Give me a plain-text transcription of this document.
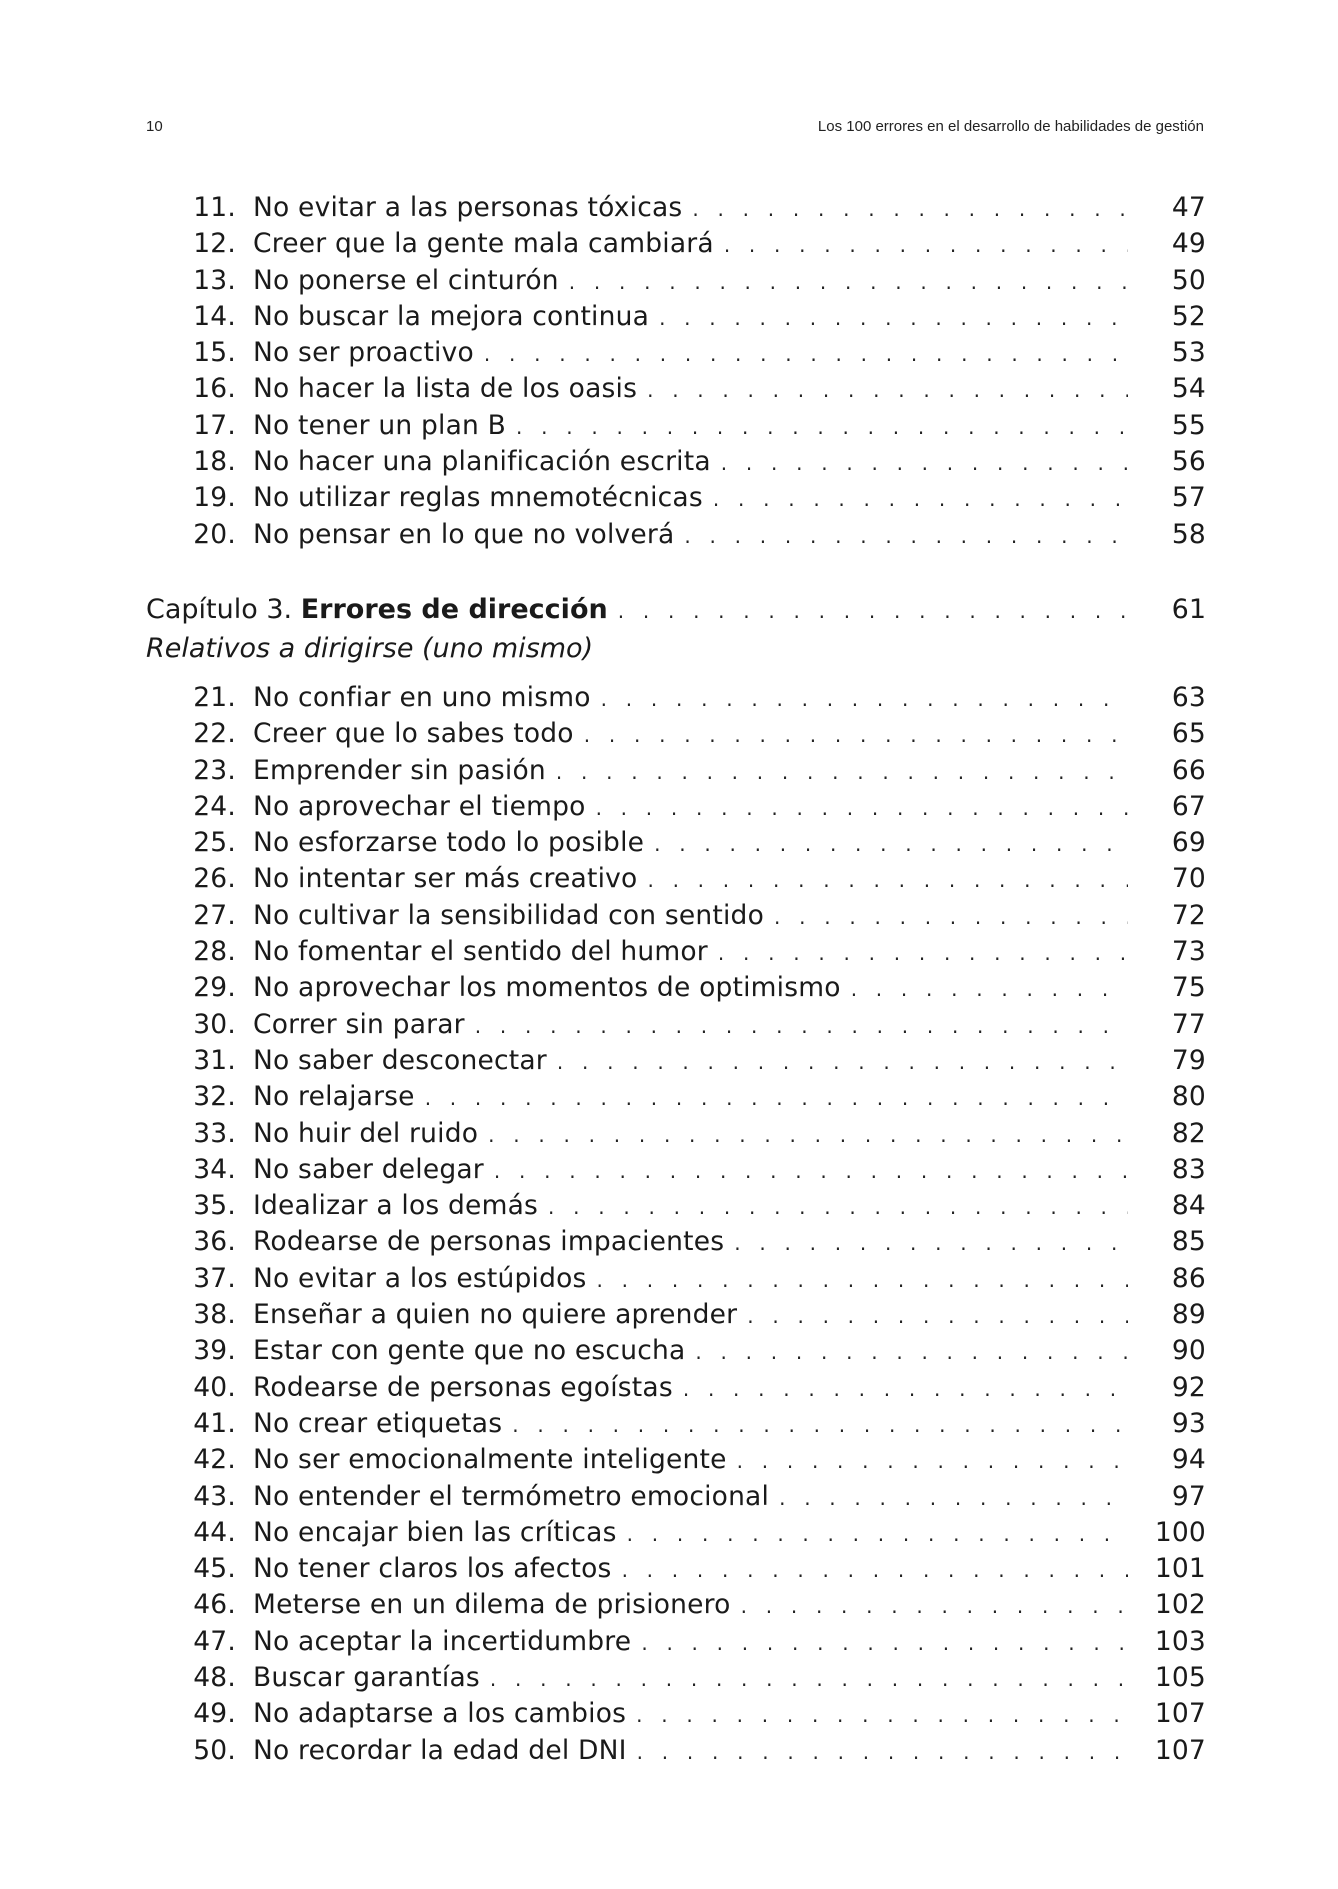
10	Los 100 errores en el desarrollo de habilidades de gestión
11. No evitar a las personas tóxicas . . .	47
12. Creer que la gente mala cambiará . . .	49
13. No ponerse el cinturón . . .	50
14. No buscar la mejora continua . . .	52
15. No ser proactivo . . .	53
16. No hacer la lista de los oasis . . .	54
17. No tener un plan B . . .	55
18. No hacer una planificación escrita . . .	56
19. No utilizar reglas mnemotécnicas . . .	57
20. No pensar en lo que no volverá . . .	58
Capítulo 3. Errores de dirección . . .	61
Relativos a dirigirse (uno mismo)
21. No confiar en uno mismo . . .	63
22. Creer que lo sabes todo . . .	65
23. Emprender sin pasión . . .	66
24. No aprovechar el tiempo . . .	67
25. No esforzarse todo lo posible . . .	69
26. No intentar ser más creativo . . .	70
27. No cultivar la sensibilidad con sentido . . .	72
28. No fomentar el sentido del humor . . .	73
29. No aprovechar los momentos de optimismo . . .	75
30. Correr sin parar . . .	77
31. No saber desconectar . . .	79
32. No relajarse . . .	80
33. No huir del ruido . . .	82
34. No saber delegar . . .	83
35. Idealizar a los demás . . .	84
36. Rodearse de personas impacientes . . .	85
37. No evitar a los estúpidos . . .	86
38. Enseñar a quien no quiere aprender . . .	89
39. Estar con gente que no escucha . . .	90
40. Rodearse de personas egoístas . . .	92
41. No crear etiquetas . . .	93
42. No ser emocionalmente inteligente . . .	94
43. No entender el termómetro emocional . . .	97
44. No encajar bien las críticas . . .	100
45. No tener claros los afectos . . .	101
46. Meterse en un dilema de prisionero . . .	102
47. No aceptar la incertidumbre . . .	103
48. Buscar garantías . . .	105
49. No adaptarse a los cambios . . .	107
50. No recordar la edad del DNI . . .	107
